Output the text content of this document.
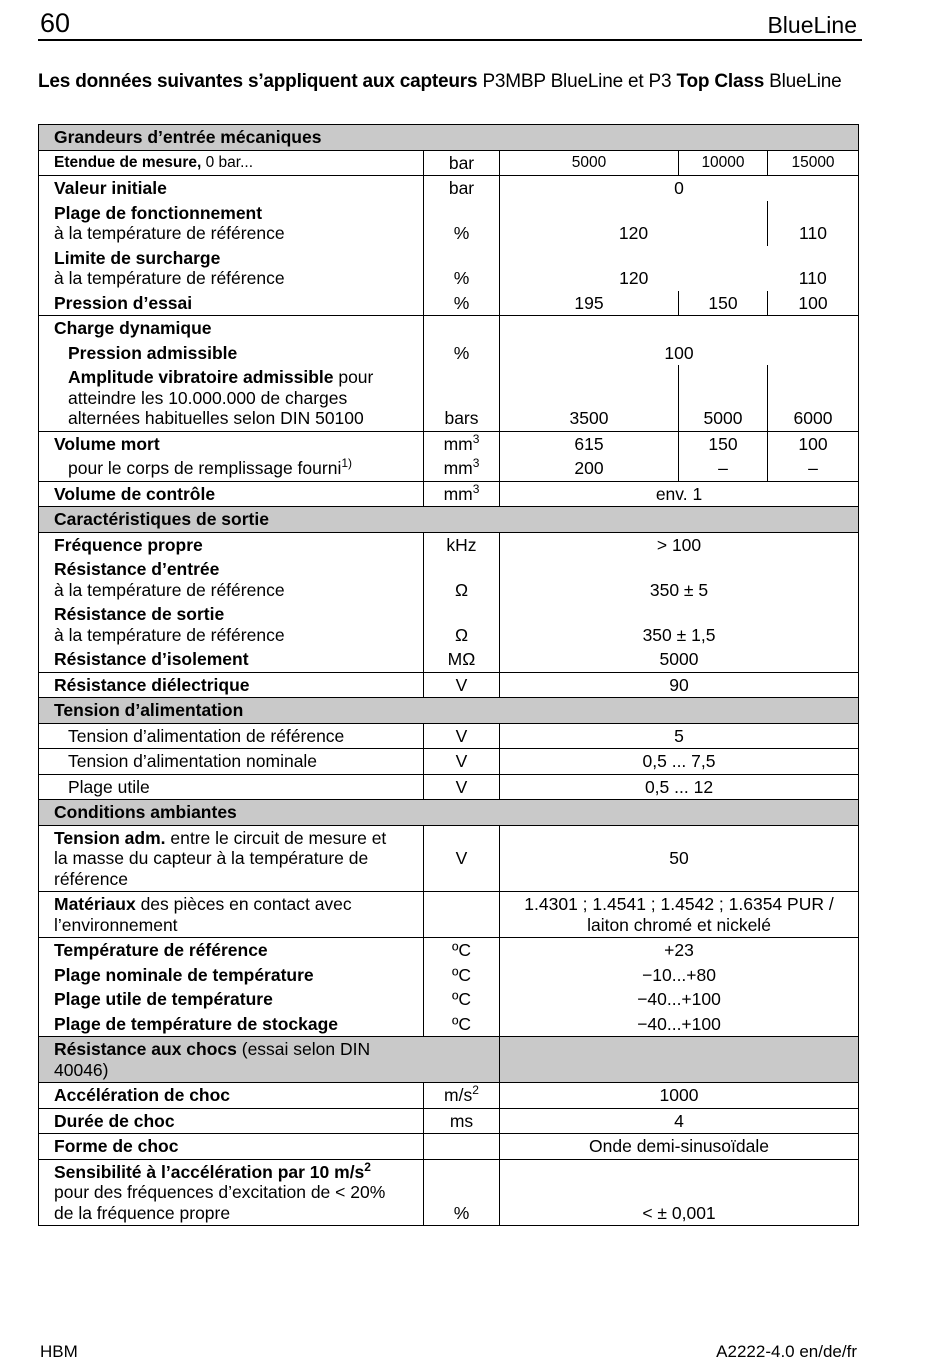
60	BlueLine
Les données suivantes s’appliquent aux capteurs P3MBP BlueLine et P3 Top Class BlueLine
Grandeurs d’entrée mécaniques				
Etendue de mesure, 0 bar...	bar	5000	10000	15000
Valeur initiale	bar	0		
Plage de fonctionnement
à la température de référence	%	120		110
Limite de surcharge
à la température de référence	%	120		110
Pression d’essai	%	195	150	100
Charge dynamique				
Pression admissible	%	100		
Amplitude vibratoire admissible pour
atteindre les 10.000.000 de charges
alternées habituelles selon DIN 50100	bars	3500	5000	6000
Volume mort	$mm^3$	615	150	100
pour le corps de remplissage fourni$^{1)}$	$mm^3$	200	–	–
Volume de contrôle	$mm^3$	env. 1		
Caractéristiques de sortie				
Fréquence propre	kHz	> 100		
Résistance d’entrée
à la température de référence	Ω	350 ± 5		
Résistance de sortie
à la température de référence	Ω	350 ± 1,5		
Résistance d’isolement	MΩ	5000		
Résistance diélectrique	V	90		
Tension d’alimentation				
Tension d’alimentation de référence	V	5		
Tension d’alimentation nominale	V	0,5 ... 7,5		
Plage utile	V	0,5 ... 12		
Conditions ambiantes				
Tension adm. entre le circuit de mesure et
la masse du capteur à la température de
référence	V	50		
Matériaux des pièces en contact avec
l’environnement		1.4301 ; 1.4541 ; 1.4542 ; 1.6354 PUR /
laiton chromé et nickelé		
Température de référence	ºC	+23		
Plage nominale de température	ºC	−10...+80		
Plage utile de température	ºC	−40...+100		
Plage de température de stockage	ºC	−40...+100		
Résistance aux chocs (essai selon DIN
40046)				
Accélération de choc	$m/s^2$	1000		
Durée de choc	ms	4		
Forme de choc		Onde demi-sinusoïdale		
Sensibilité à l’accélération par 10 $m/s^2$
pour des fréquences d’excitation de < 20%
de la fréquence propre	%	< ± 0,001		
HBM	A2222-4.0 en/de/fr
